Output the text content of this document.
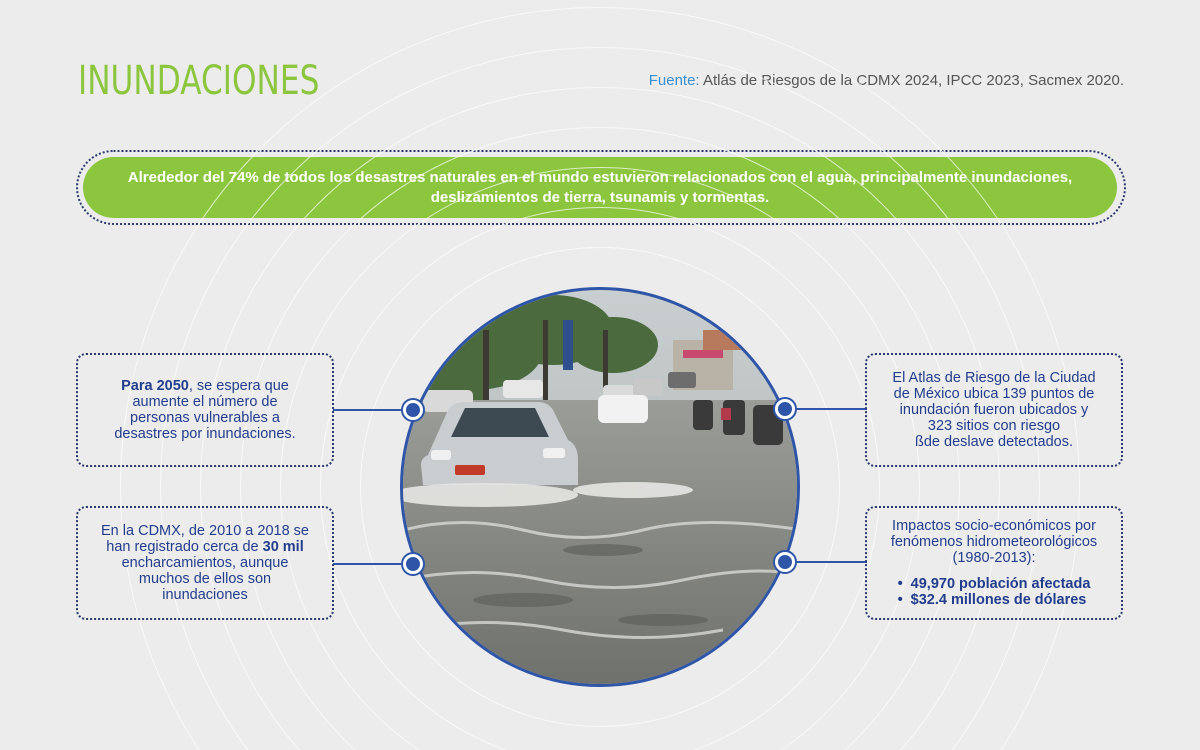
INUNDACIONES	Fuente: Atlás de Riesgos de la CDMX 2024, IPCC 2023, Sacmex 2020.
Alrededor del 74% de todos los desastres naturales en el mundo estuvieron relacionados con el agua, principalmente inundaciones,
deslizamientos de tierra, tsunamis y tormentas.
Para 2050, se espera que
aumente el número de
personas vulnerables a
desastres por inundaciones.
En la CDMX, de 2010 a 2018 se
han registrado cerca de 30 mil
encharcamientos, aunque
muchos de ellos son
inundaciones
El Atlas de Riesgo de la Ciudad
de México ubica 139 puntos de
inundación fueron ubicados y
323 sitios con riesgo
ßde deslave detectados.
Impactos socio-económicos por
fenómenos hidrometeorológicos
(1980-2013):
• 49,970 población afectada
• $32.4 millones de dólares
